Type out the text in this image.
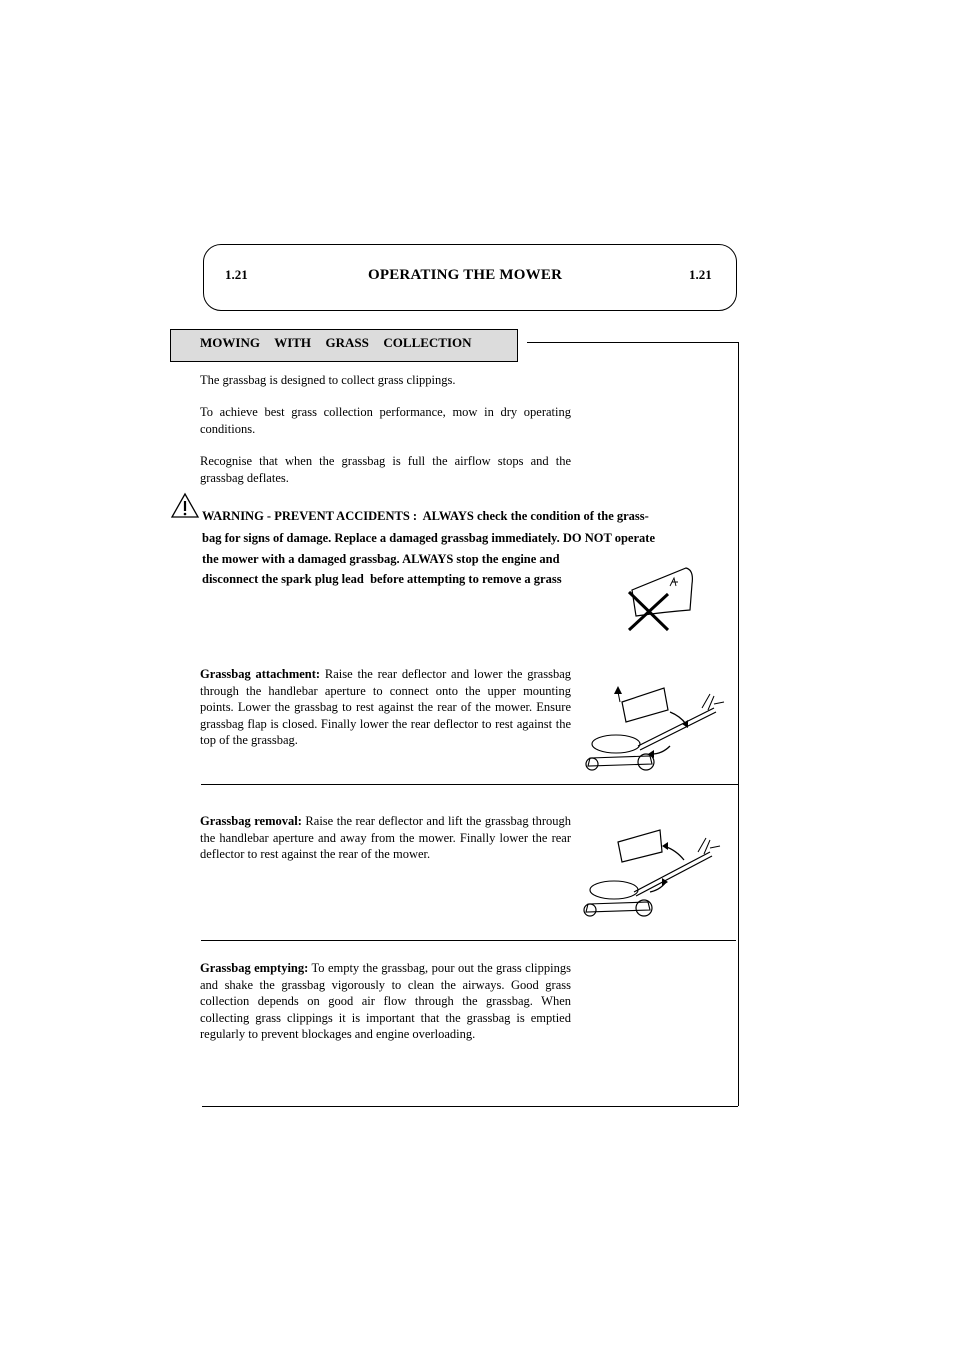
1.21	OPERATING THE MOWER	1.21
MOWING  WITH  GRASS  COLLECTION
The grassbag is designed to collect grass clippings.
To achieve best grass collection performance, mow in dry operating conditions.
Recognise that when the grassbag is full the airflow stops and the grassbag deflates.
WARNING - PREVENT ACCIDENTS :  ALWAYS check the condition of the grass-
bag for signs of damage. Replace a damaged grassbag immediately. DO NOT operate
the mower with a damaged grassbag. ALWAYS stop the engine and
disconnect the spark plug lead  before attempting to remove a grass
Grassbag attachment: Raise the rear deflector and lower the grassbag through the handlebar aperture to connect onto the upper mounting points. Lower the grassbag to rest against the rear of the mower. Ensure grassbag flap is closed. Finally lower the rear deflector to rest against the top of the grassbag.
Grassbag removal: Raise the rear deflector and lift the grassbag through the handlebar aperture and away from the mower. Finally lower the rear deflector to rest against the rear of the mower.
Grassbag emptying: To empty the grassbag, pour out the grass clippings and shake the grassbag vigorously to clean the airways. Good grass collection depends on good air flow through the grassbag. When collecting grass clippings it is important that the grassbag is emptied regularly to prevent blockages and engine overloading.
